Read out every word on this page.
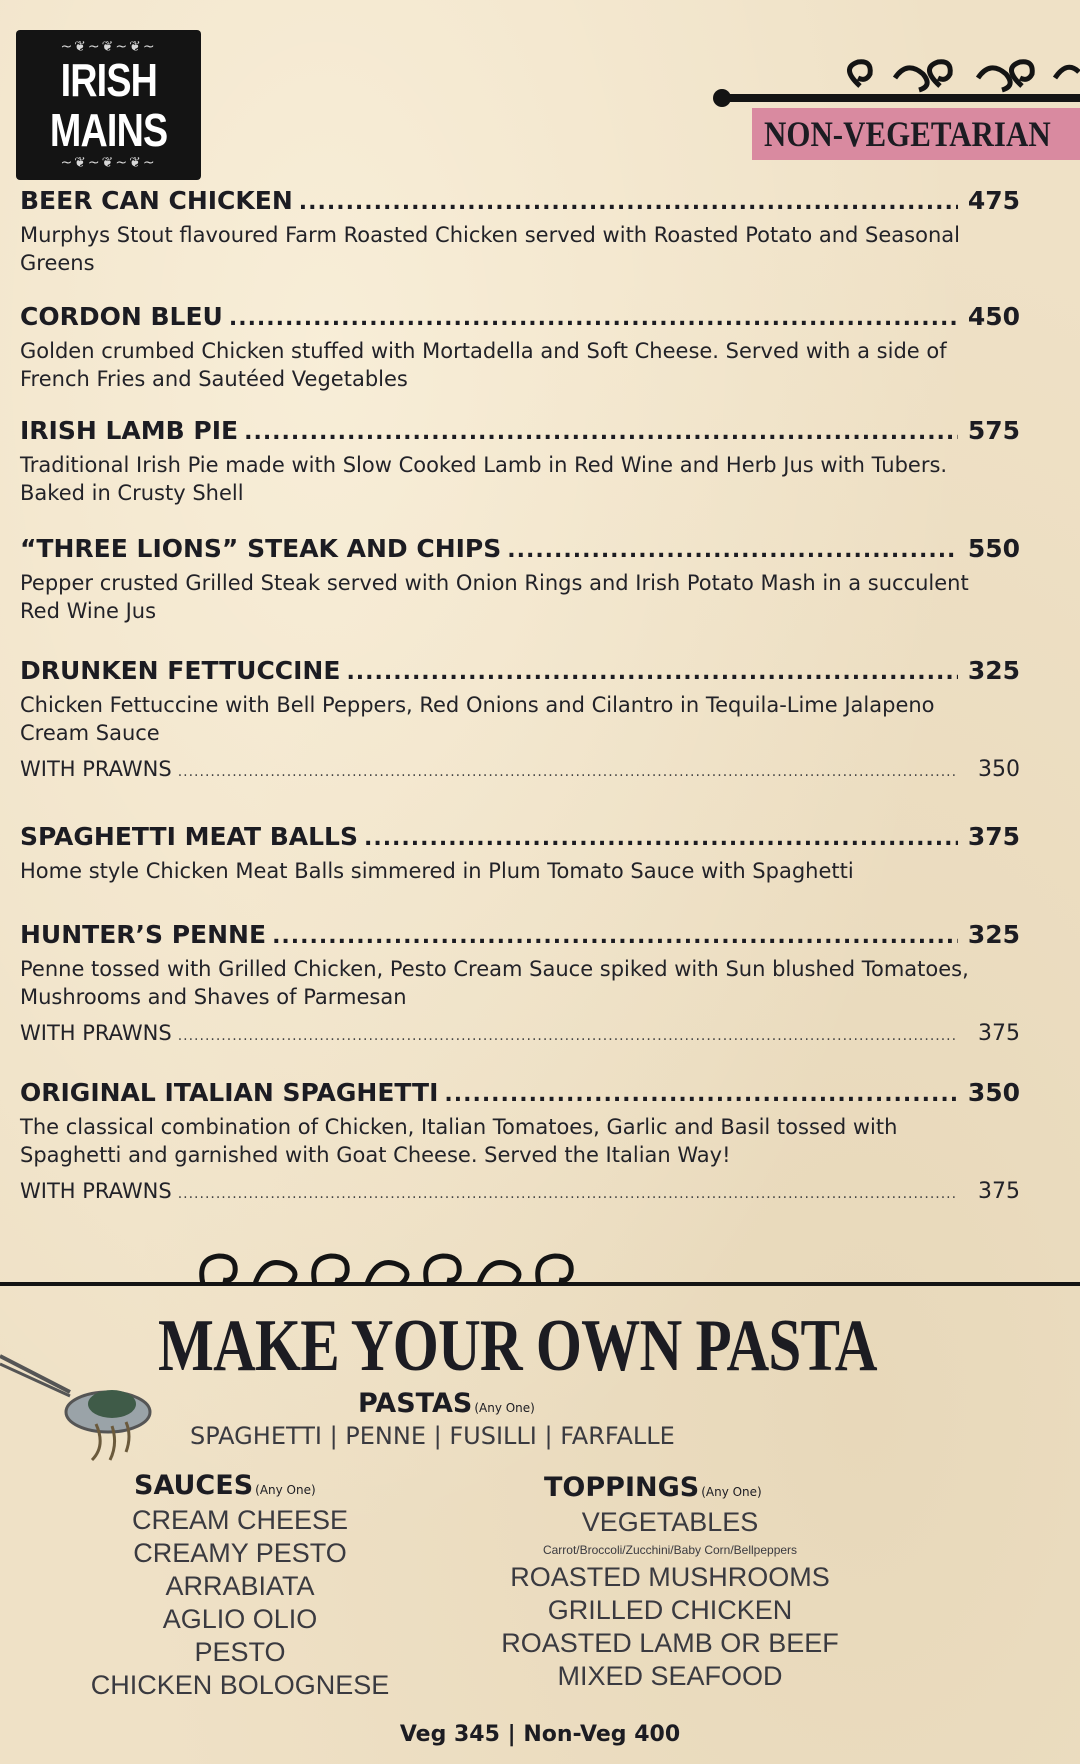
~❦~❦~❦~
IRISH
MAINS
~❦~❦~❦~
NON-VEGETARIAN
BEER CAN CHICKEN .....	475
Murphys Stout flavoured Farm Roasted Chicken served with Roasted Potato and Seasonal Greens
CORDON BLEU .....	450
Golden crumbed Chicken stuffed with Mortadella and Soft Cheese. Served with a side of French Fries and Sautéed Vegetables
IRISH LAMB PIE .....	575
Traditional Irish Pie made with Slow Cooked Lamb in Red Wine and Herb Jus with Tubers. Baked in Crusty Shell
“THREE LIONS” STEAK AND CHIPS .....	550
Pepper crusted Grilled Steak served with Onion Rings and Irish Potato Mash in a succulent Red Wine Jus
DRUNKEN FETTUCCINE .....	325
Chicken Fettuccine with Bell Peppers, Red Onions and Cilantro in Tequila-Lime Jalapeno Cream Sauce
WITH PRAWNS .....	350
SPAGHETTI MEAT BALLS .....	375
Home style Chicken Meat Balls simmered in Plum Tomato Sauce with Spaghetti
HUNTER’S PENNE .....	325
Penne tossed with Grilled Chicken, Pesto Cream Sauce spiked with Sun blushed Tomatoes, Mushrooms and Shaves of Parmesan
WITH PRAWNS .....	375
ORIGINAL ITALIAN SPAGHETTI .....	350
The classical combination of Chicken, Italian Tomatoes, Garlic and Basil tossed with Spaghetti and garnished with Goat Cheese. Served the Italian Way!
WITH PRAWNS .....	375
MAKE YOUR OWN PASTA
PASTAS (Any One)
SPAGHETTI | PENNE | FUSILLI | FARFALLE
SAUCES (Any One)
CREAM CHEESE
CREAMY PESTO
ARRABIATA
AGLIO OLIO
PESTO
CHICKEN BOLOGNESE
TOPPINGS (Any One)
VEGETABLES
Carrot/Broccoli/Zucchini/Baby Corn/Bellpeppers
ROASTED MUSHROOMS
GRILLED CHICKEN
ROASTED LAMB OR BEEF
MIXED SEAFOOD
Veg 345 | Non-Veg 400
